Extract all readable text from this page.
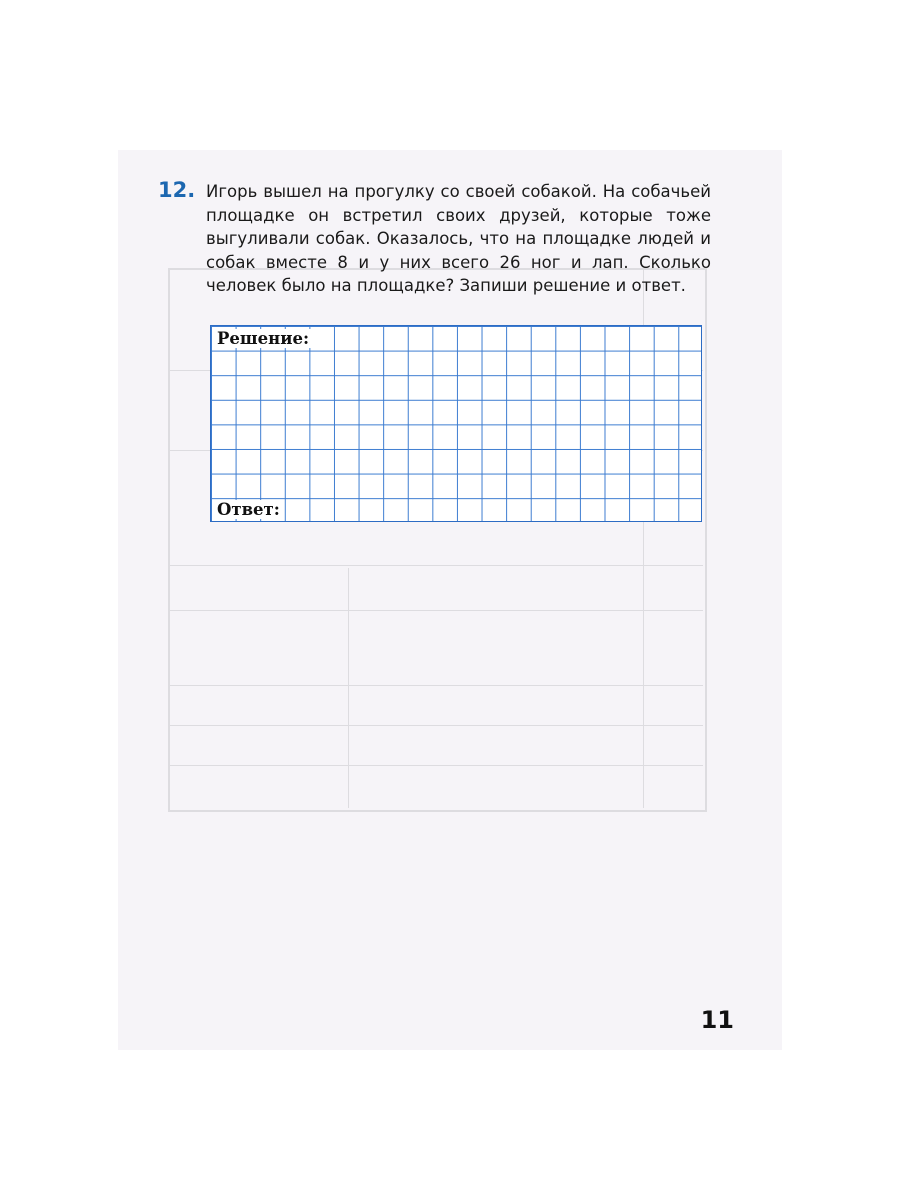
12. Игорь вышел на прогулку со своей собакой. На собачьей площадке он встретил своих друзей, которые тоже выгуливали собак. Оказалось, что на площадке людей и собак вместе 8 и у них всего 26 ног и лап. Сколько человек было на площадке? Запиши решение и ответ.
Решение:
Ответ:
11
